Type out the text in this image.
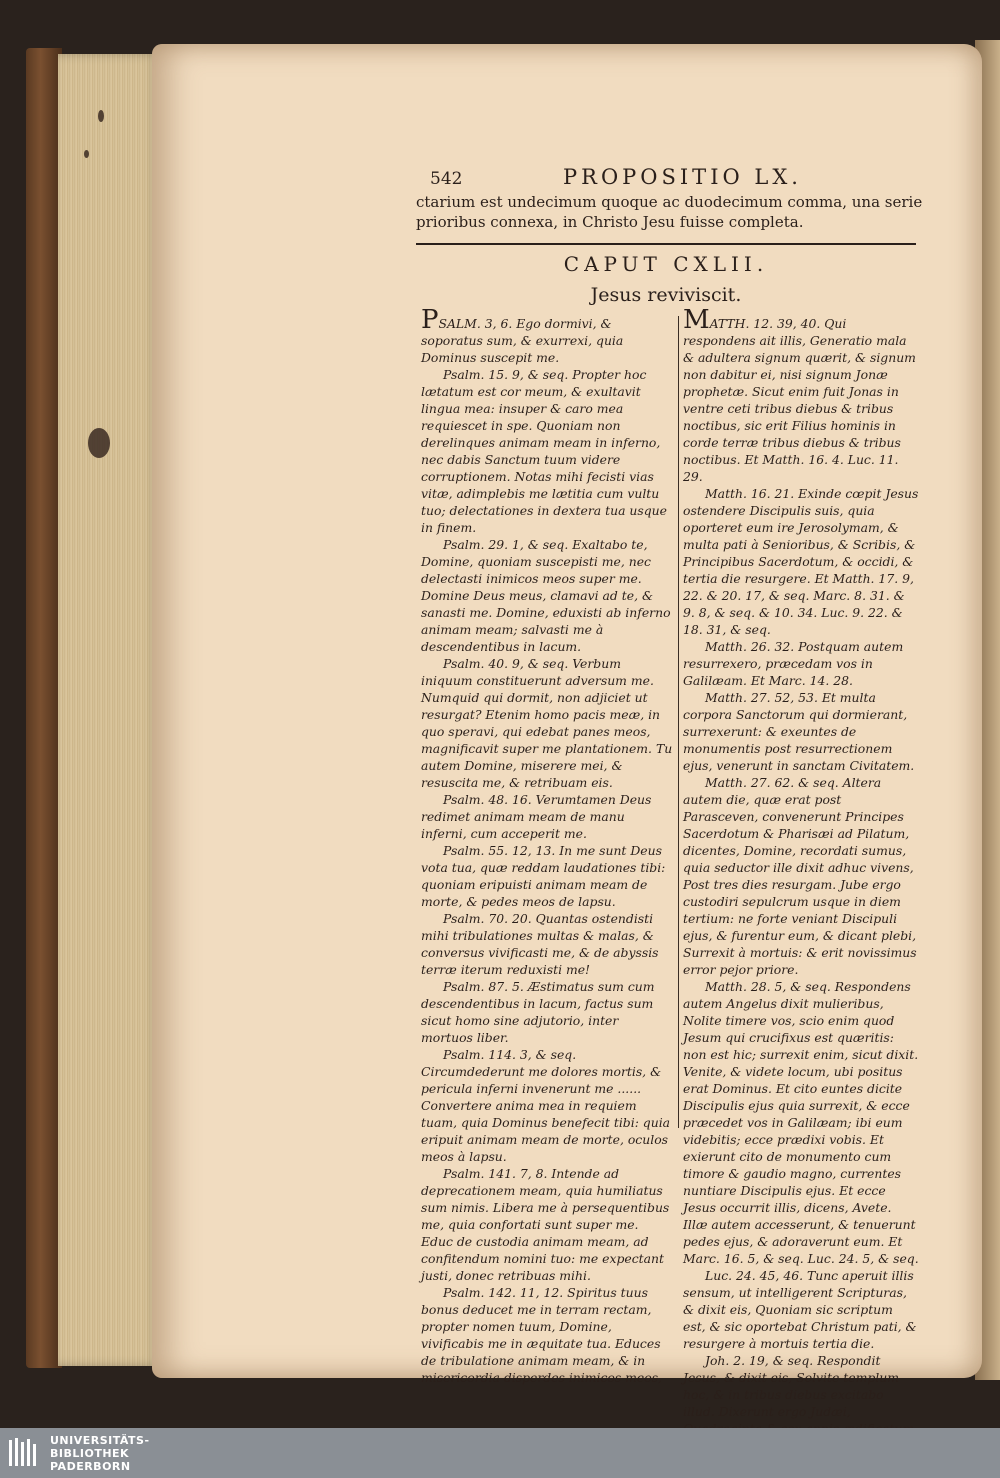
542	PROPOSITIO LX.
ctarium est undecimum quoque ac duodecimum comma, una serie prioribus connexa, in Christo Jesu fuisse completa.
CAPUT CXLII.
Jesus reviviscit.

PSALM. 3, 6. Ego dormivi, & soporatus sum, & exurrexi, quia Dominus suscepit me.

Psalm. 15. 9, & seq. Propter hoc lætatum est cor meum, & exultavit lingua mea: insuper & caro mea requiescet in spe. Quoniam non derelinques animam meam in inferno, nec dabis Sanctum tuum videre corruptionem. Notas mihi fecisti vias vitæ, adimplebis me lætitia cum vultu tuo; delectationes in dextera tua usque in finem.

Psalm. 29. 1, & seq. Exaltabo te, Domine, quoniam suscepisti me, nec delectasti inimicos meos super me. Domine Deus meus, clamavi ad te, & sanasti me. Domine, eduxisti ab inferno animam meam; salvasti me à descendentibus in lacum.

Psalm. 40. 9, & seq. Verbum iniquum constituerunt adversum me. Numquid qui dormit, non adjiciet ut resurgat? Etenim homo pacis meæ, in quo speravi, qui edebat panes meos, magnificavit super me plantationem. Tu autem Domine, miserere mei, & resuscita me, & retribuam eis.

Psalm. 48. 16. Verumtamen Deus redimet animam meam de manu inferni, cum acceperit me.

Psalm. 55. 12, 13. In me sunt Deus vota tua, quæ reddam laudationes tibi: quoniam eripuisti animam meam de morte, & pedes meos de lapsu.

Psalm. 70. 20. Quantas ostendisti mihi tribulationes multas & malas, & conversus vivificasti me, & de abyssis terræ iterum reduxisti me!

Psalm. 87. 5. Æstimatus sum cum descendentibus in lacum, factus sum sicut homo sine adjutorio, inter mortuos liber.

Psalm. 114. 3, & seq. Circumdederunt me dolores mortis, & pericula inferni invenerunt me ...... Convertere anima mea in requiem tuam, quia Dominus benefecit tibi: quia eripuit animam meam de morte, oculos meos à lapsu.

Psalm. 141. 7, 8. Intende ad deprecationem meam, quia humiliatus sum nimis. Libera me à persequentibus me, quia confortati sunt super me. Educ de custodia animam meam, ad confitendum nomini tuo: me expectant justi, donec retribuas mihi.

Psalm. 142. 11, 12. Spiritus tuus bonus deducet me in terram rectam, propter nomen tuum, Domine, vivificabis me in æquitate tua. Educes de tribulatione animam meam, & in misericordia disperdes inimicos meos,

MATTH. 12. 39, 40. Qui respondens ait illis, Generatio mala & adultera signum quærit, & signum non dabitur ei, nisi signum Jonæ prophetæ. Sicut enim fuit Jonas in ventre ceti tribus diebus & tribus noctibus, sic erit Filius hominis in corde terræ tribus diebus & tribus noctibus. Et Matth. 16. 4. Luc. 11. 29.

Matth. 16. 21. Exinde cœpit Jesus ostendere Discipulis suis, quia oporteret eum ire Jerosolymam, & multa pati à Senioribus, & Scribis, & Principibus Sacerdotum, & occidi, & tertia die resurgere. Et Matth. 17. 9, 22. & 20. 17, & seq. Marc. 8. 31. & 9. 8, & seq. & 10. 34. Luc. 9. 22. & 18. 31, & seq.

Matth. 26. 32. Postquam autem resurrexero, præcedam vos in Galilæam. Et Marc. 14. 28.

Matth. 27. 52, 53. Et multa corpora Sanctorum qui dormierant, surrexerunt: & exeuntes de monumentis post resurrectionem ejus, venerunt in sanctam Civitatem.

Matth. 27. 62. & seq. Altera autem die, quæ erat post Parasceven, convenerunt Principes Sacerdotum & Pharisæi ad Pilatum, dicentes, Domine, recordati sumus, quia seductor ille dixit adhuc vivens, Post tres dies resurgam. Jube ergo custodiri sepulcrum usque in diem tertium: ne forte veniant Discipuli ejus, & furentur eum, & dicant plebi, Surrexit à mortuis: & erit novissimus error pejor priore.

Matth. 28. 5, & seq. Respondens autem Angelus dixit mulieribus, Nolite timere vos, scio enim quod Jesum qui crucifixus est quæritis: non est hic; surrexit enim, sicut dixit. Venite, & videte locum, ubi positus erat Dominus. Et cito euntes dicite Discipulis ejus quia surrexit, & ecce præcedet vos in Galilæam; ibi eum videbitis; ecce prædixi vobis. Et exierunt cito de monumento cum timore & gaudio magno, currentes nuntiare Discipulis ejus. Et ecce Jesus occurrit illis, dicens, Avete. Illæ autem accesserunt, & tenuerunt pedes ejus, & adoraverunt eum. Et Marc. 16. 5, & seq. Luc. 24. 5, & seq.

Luc. 24. 45, 46. Tunc aperuit illis sensum, ut intelligerent Scripturas, & dixit eis, Quoniam sic scriptum est, & sic oportebat Christum pati, & resurgere à mortuis tertia die.

Joh. 2. 19, & seq. Respondit Jesus, & dixit eis, Solvite templum hoc, & in tribus diebus excitabo illud. Dixerunt ergo Judæi,

UNIVERSITÄTS-
BIBLIOTHEK
PADERBORN
